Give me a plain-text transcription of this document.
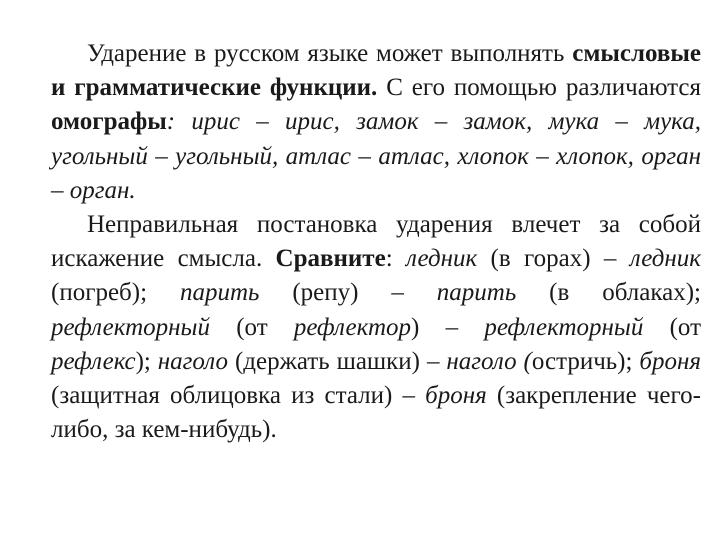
Ударение в русском языке может выполнять смысловые и грамматические функции. С его помощью различаются омографы: ирис – ирис, замок – замок, мука – мука, угольный – угольный, атлас – атлас, хлопок – хлопок, орган – орган.

Неправильная постановка ударения влечет за собой искажение смысла. Сравните: ледник (в горах) – ледник (погреб); парить (репу) – парить (в облаках); рефлекторный (от рефлектор) – рефлекторный (от рефлекс); наголо (держать шашки) – наголо (остричь); броня (защитная облицовка из стали) – броня (закрепление чего-либо, за кем-нибудь).
